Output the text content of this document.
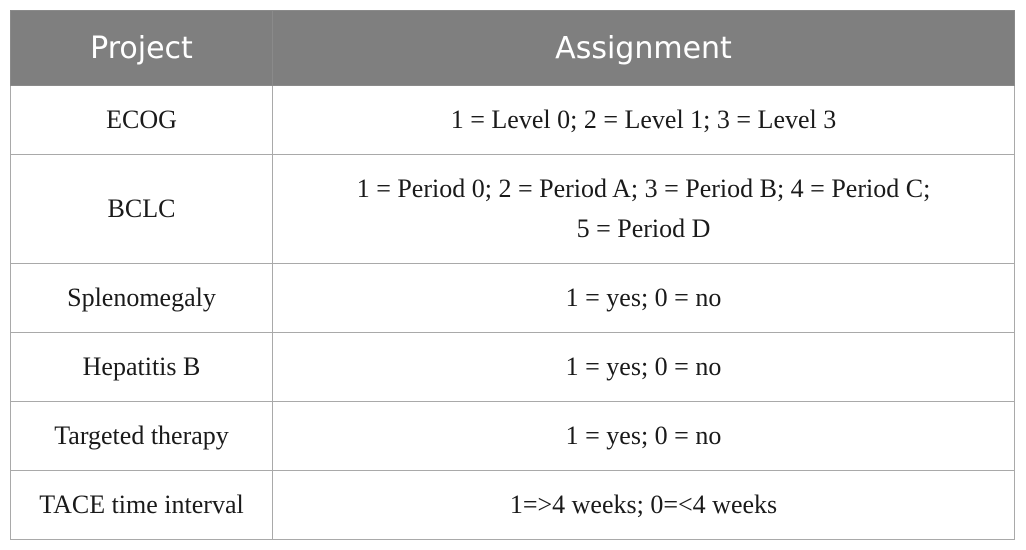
Project	Assignment
ECOG	1 = Level 0; 2 = Level 1; 3 = Level 3
BCLC	1 = Period 0; 2 = Period A; 3 = Period B; 4 = Period C;
5 = Period D

Splenomegaly	1 = yes; 0 = no
Hepatitis B	1 = yes; 0 = no
Targeted therapy	1 = yes; 0 = no
TACE time interval	1=>4 weeks; 0=<4 weeks
